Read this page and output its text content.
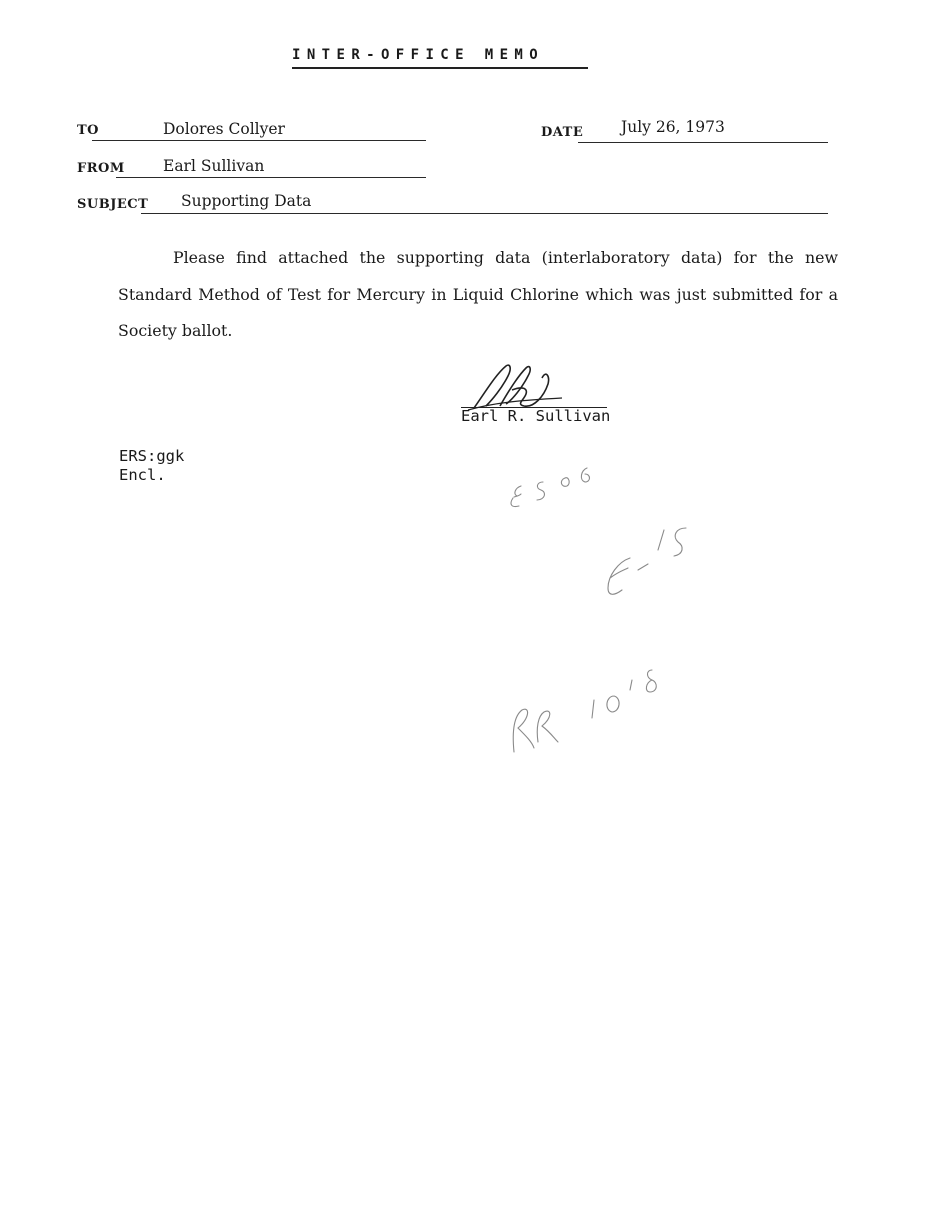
INTER-OFFICE MEMO
TO	Dolores Collyer	DATE July 26, 1973
FROM Earl Sullivan
SUBJECT Supporting Data

Please find attached the supporting data (interlaboratory data) for the new Standard Method of Test for Mercury in Liquid Chlorine which was just submitted for a Society ballot.

Earl R. Sullivan
ERS:ggk
Encl.
